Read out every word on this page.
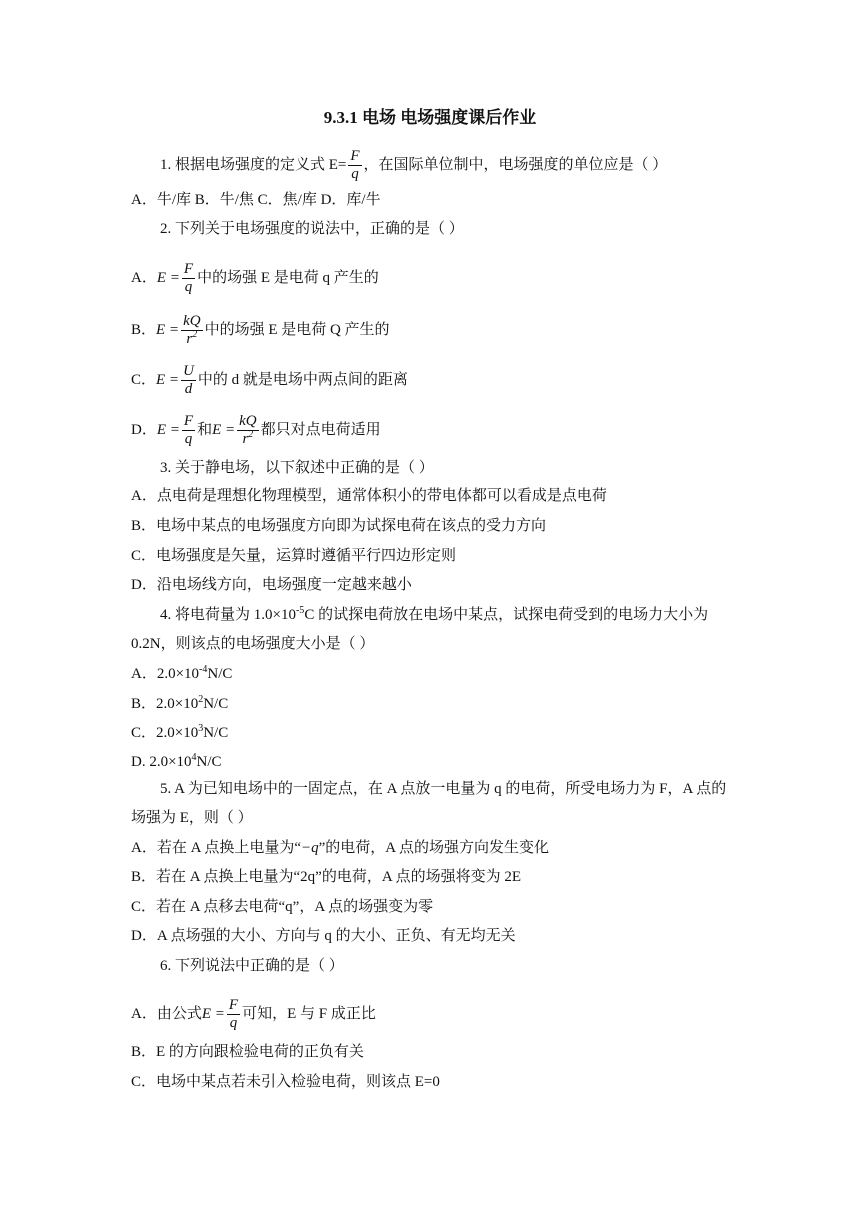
9.3.1 电场 电场强度课后作业
1. 根据电场强度的定义式 $E= \frac{F}{q}$ ，在国际单位制中，电场强度的单位应是（ ）
A．牛/库 B．牛/焦 C．焦/库 D．库/牛
2. 下列关于电场强度的说法中，正确的是（ ）
A．$E = \frac{F}{q}$ 中的场强 E 是电荷 q 产生的
B．$E = \frac{kQ}{r^2}$ 中的场强 E 是电荷 Q 产生的
C．$E = \frac{U}{d}$ 中的 d 就是电场中两点间的距离
D．$E = \frac{F}{q}$ 和$E = \frac{kQ}{r^2}$ 都只对点电荷适用
3. 关于静电场，以下叙述中正确的是（ ）
A．点电荷是理想化物理模型，通常体积小的带电体都可以看成是点电荷
B．电场中某点的电场强度方向即为试探电荷在该点的受力方向
C．电场强度是矢量，运算时遵循平行四边形定则
D．沿电场线方向，电场强度一定越来越小
4. 将电荷量为 $1.0\times 10^{-5}C$ 的试探电荷放在电场中某点，试探电荷受到的电场力大小为
0.2N，则该点的电场强度大小是（ ）
A．$2.0\times 10^{-4}N/C$
B．$2.0\times 10^2N/C$
C．$2.0\times 10^3N/C$
D. $2.0\times 10^4N/C$
5. A 为已知电场中的一固定点，在 A 点放一电量为 q 的电荷，所受电场力为 F，A 点的
场强为 E，则（ ）
A．若在 A 点换上电量为“−q”的电荷，A 点的场强方向发生变化
B．若在 A 点换上电量为“2q”的电荷，A 点的场强将变为 2E
C．若在 A 点移去电荷“q”，A 点的场强变为零
D．A 点场强的大小、方向与 q 的大小、正负、有无均无关
6. 下列说法中正确的是（ ）
A．由公式$E = \frac{F}{q}$ 可知，E 与 F 成正比
B．E 的方向跟检验电荷的正负有关
C．电场中某点若未引入检验电荷，则该点 E=0
